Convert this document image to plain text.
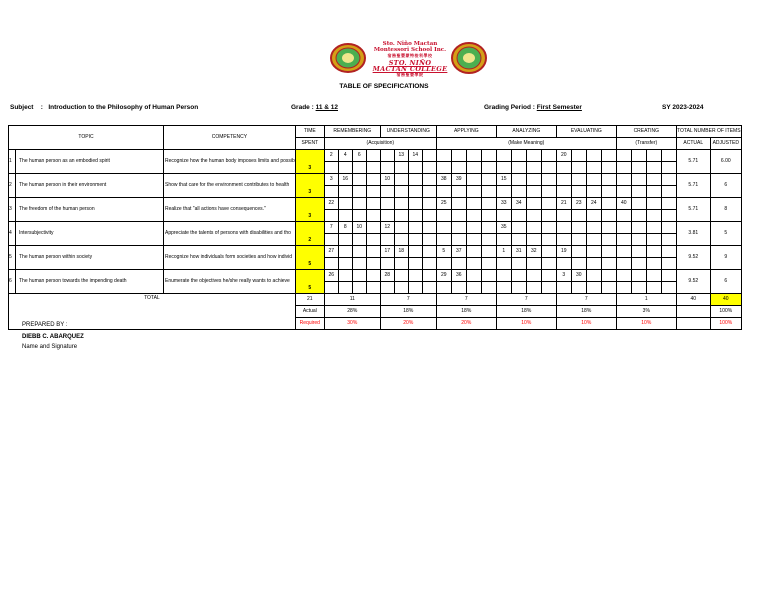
Sto. Niño Mactan
Montessori School Inc.
宿務聖嬰蒙特梭利學校
STO. NIÑO
MACTAN COLLEGE
宿務聖嬰學院
TABLE OF SPECIFICATIONS
Subject : Introduction to the Philosophy of Human Person	Grade : 11 & 12	Grading Period : First Semester	SY 2023-2024
TOPIC		COMPETENCY	TIME	REMEMBERING				UNDERSTANDING				APPLYING				ANALYZING				EVALUATING				CREATING				TOTAL NUMBER OF ITEMS	
			SPENT	(Acquisition)								(Make Meaning)												(Transfer)				ACTUAL	ADJUSTED
1	The human person as an embodied spirit	Recognize how the human body imposes limits and possib	3	2	4	6			13	14										20								5.71	6.00

2	The human person in their environment	Show that care for the environment contributes to health	3	3	16			10				38	39			15												5.71	6

3	The freedom of the human person	Realize that "all actions have consequences."	3	22								25				33	34			21	23	24		40				5.71	8

4	Intersubjectivity	Appreciate the talents of persons with disabilities and tho	2	7	8	10		12								35												3.81	5

5	The human person within society	Recognize how individuals form societies and how individ	5	27				17	18			5	37			1	31	32		19								9.52	9

6	The human person towards the impending death	Enumerate the objectives he/she really wants to achieve	5	26				28				29	36							3	30							9.52	6

TOTAL			21	11				7				7				7				7				1				40	40
			Actual	28%				18%				18%				18%				18%				3%					100%
			Required	30%				20%				20%				10%				10%				10%					100%
PREPARED BY :
DIEBB C. ABARQUEZ
Name and Signature
